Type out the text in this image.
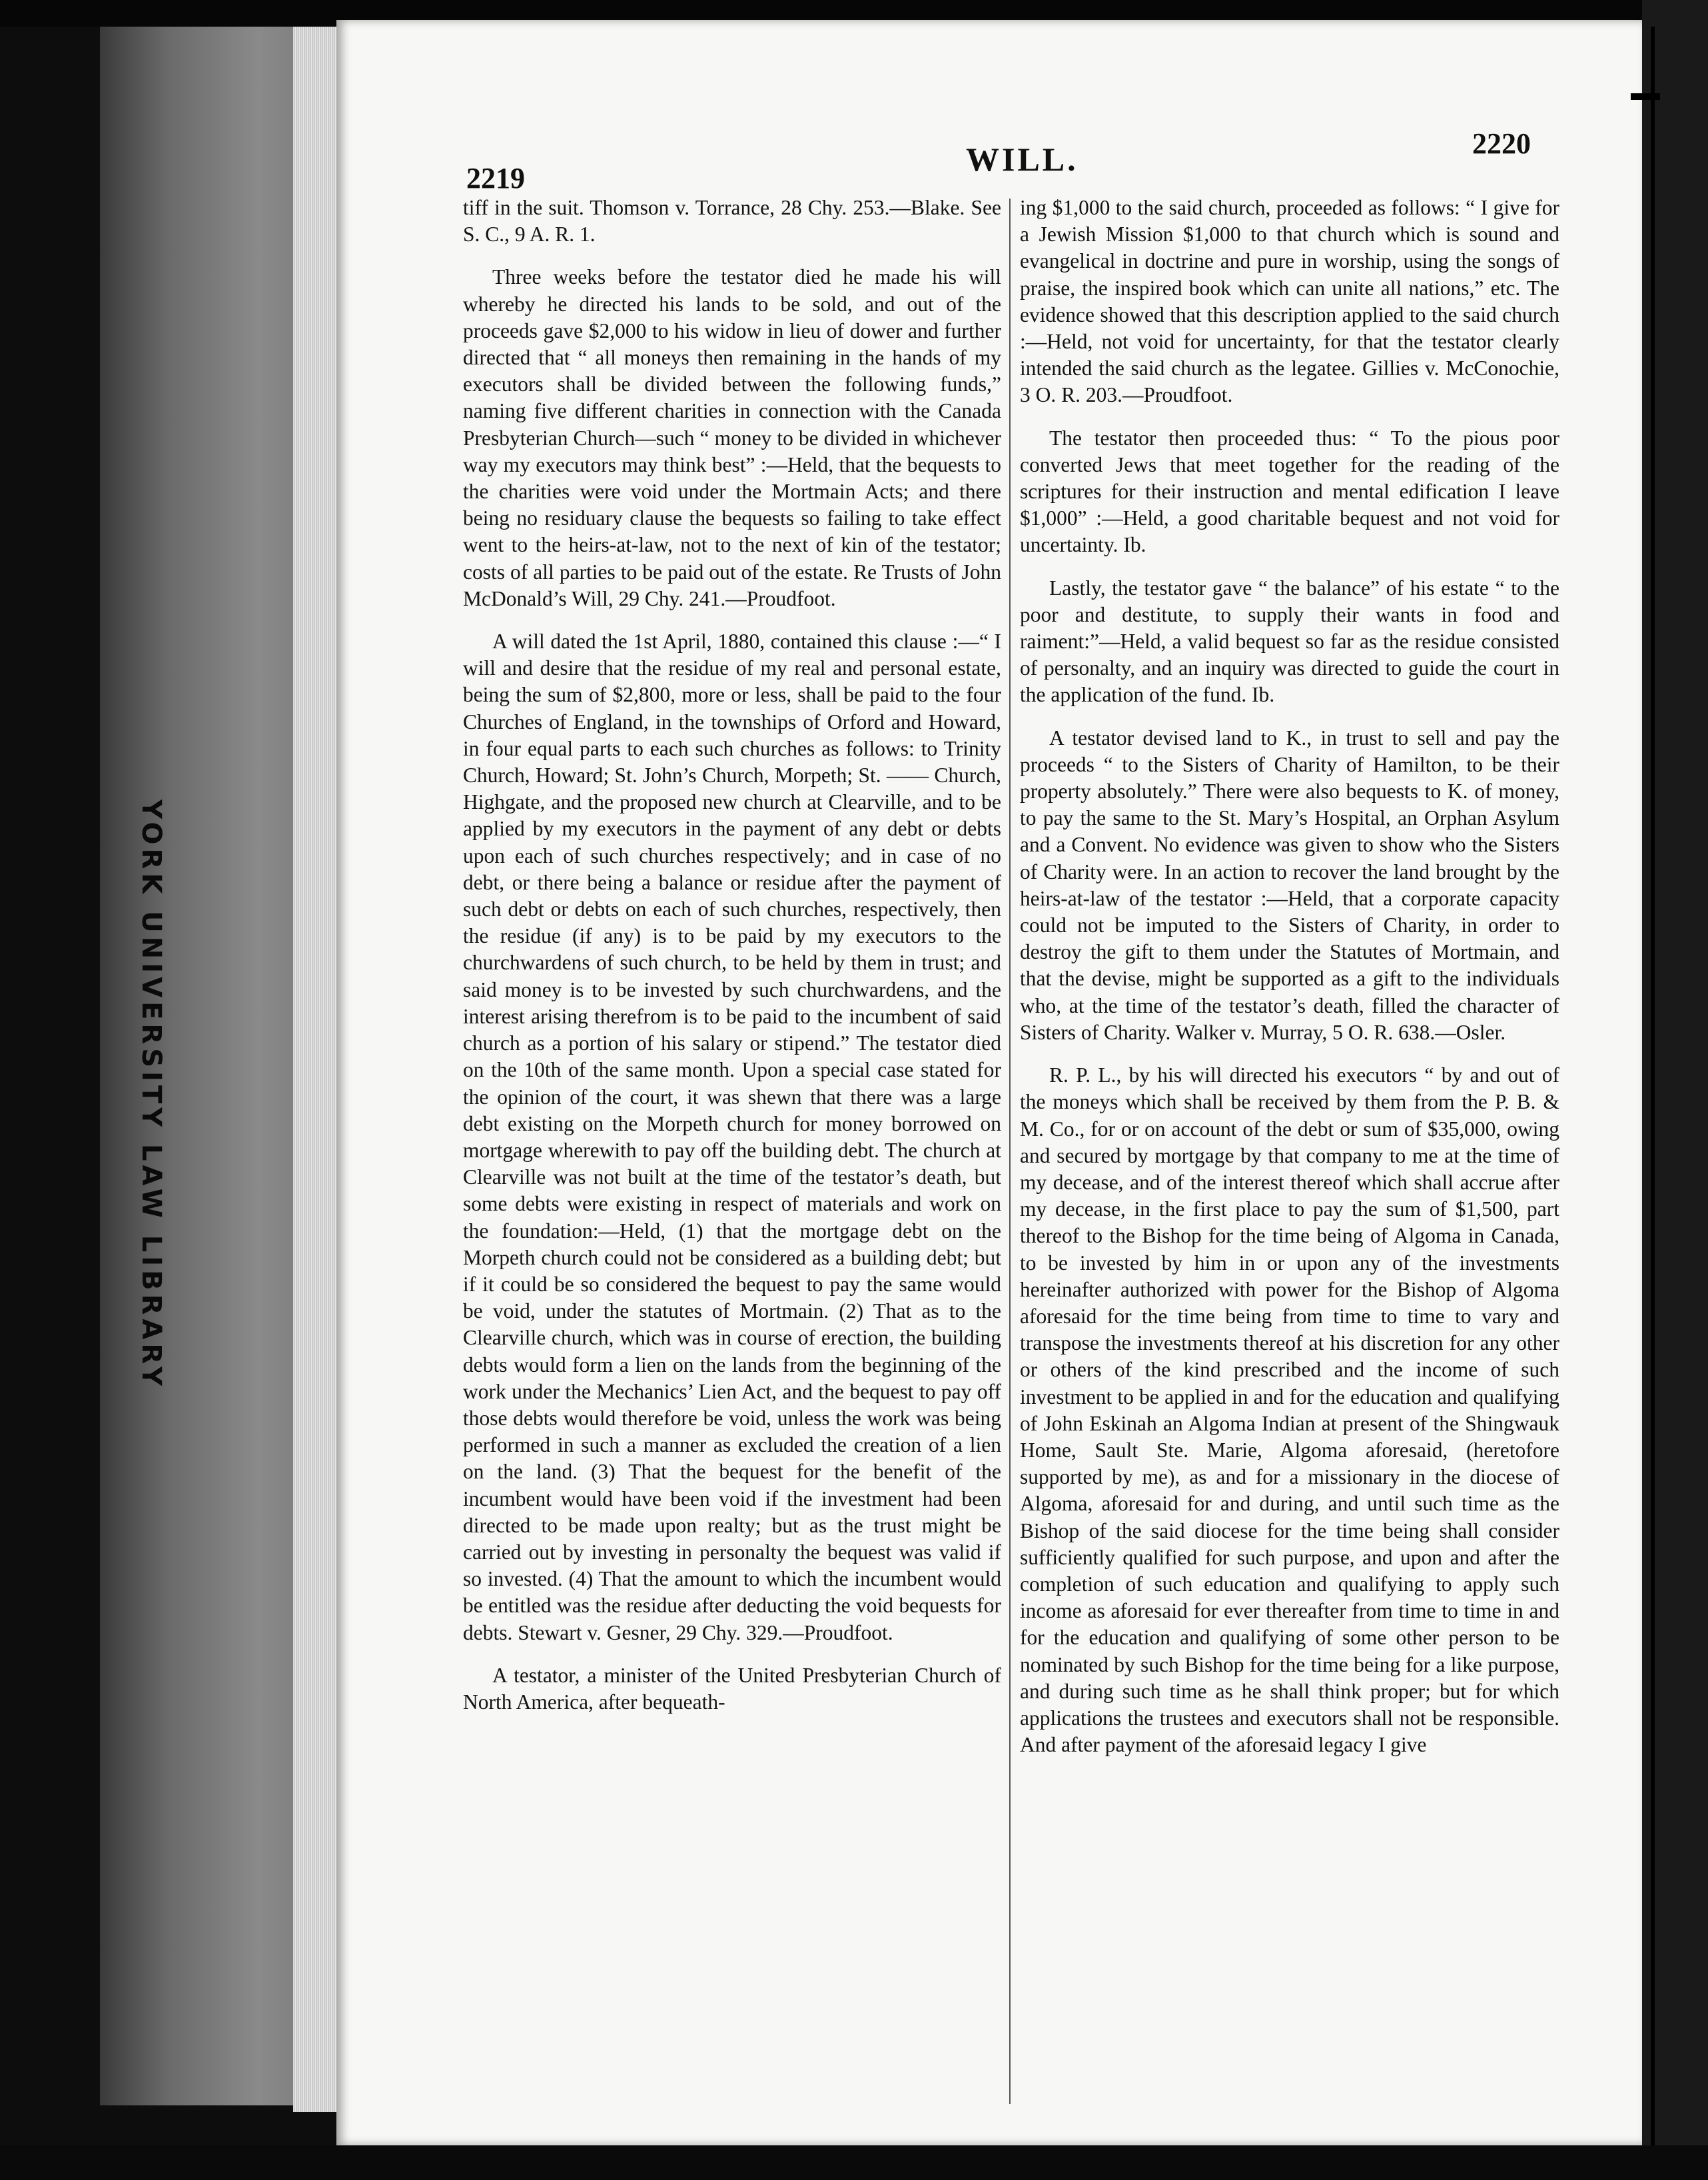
YORK UNIVERSITY LAW LIBRARY
2219
WILL.	2220

tiff in the suit. Thomson v. Torrance, 28 Chy. 253.—Blake. See S. C., 9 A. R. 1.

Three weeks before the testator died he made his will whereby he directed his lands to be sold, and out of the proceeds gave $2,000 to his widow in lieu of dower and further directed that “ all moneys then remaining in the hands of my executors shall be divided between the following funds,” naming five different charities in connection with the Canada Presbyterian Church—such “ money to be divided in whichever way my executors may think best” :—Held, that the bequests to the charities were void under the Mortmain Acts; and there being no residuary clause the bequests so failing to take effect went to the heirs-at-law, not to the next of kin of the testator; costs of all parties to be paid out of the estate. Re Trusts of John McDonald’s Will, 29 Chy. 241.—Proudfoot.

A will dated the 1st April, 1880, contained this clause :—“ I will and desire that the residue of my real and personal estate, being the sum of $2,800, more or less, shall be paid to the four Churches of England, in the townships of Orford and Howard, in four equal parts to each such churches as follows: to Trinity Church, Howard; St. John’s Church, Morpeth; St. —— Church, Highgate, and the proposed new church at Clearville, and to be applied by my executors in the payment of any debt or debts upon each of such churches respectively; and in case of no debt, or there being a balance or residue after the payment of such debt or debts on each of such churches, respectively, then the residue (if any) is to be paid by my executors to the churchwardens of such church, to be held by them in trust; and said money is to be invested by such churchwardens, and the interest arising therefrom is to be paid to the incumbent of said church as a portion of his salary or stipend.” The testator died on the 10th of the same month. Upon a special case stated for the opinion of the court, it was shewn that there was a large debt existing on the Morpeth church for money borrowed on mortgage wherewith to pay off the building debt. The church at Clearville was not built at the time of the testator’s death, but some debts were existing in respect of materials and work on the foundation:—Held, (1) that the mortgage debt on the Morpeth church could not be considered as a building debt; but if it could be so considered the bequest to pay the same would be void, under the statutes of Mortmain. (2) That as to the Clearville church, which was in course of erection, the building debts would form a lien on the lands from the beginning of the work under the Mechanics’ Lien Act, and the bequest to pay off those debts would therefore be void, unless the work was being performed in such a manner as excluded the creation of a lien on the land. (3) That the bequest for the benefit of the incumbent would have been void if the investment had been directed to be made upon realty; but as the trust might be carried out by investing in personalty the bequest was valid if so invested. (4) That the amount to which the incumbent would be entitled was the residue after deducting the void bequests for debts. Stewart v. Gesner, 29 Chy. 329.—Proudfoot.

A testator, a minister of the United Presbyterian Church of North America, after bequeath-

ing $1,000 to the said church, proceeded as follows: “ I give for a Jewish Mission $1,000 to that church which is sound and evangelical in doctrine and pure in worship, using the songs of praise, the inspired book which can unite all nations,” etc. The evidence showed that this description applied to the said church :—Held, not void for uncertainty, for that the testator clearly intended the said church as the legatee. Gillies v. McConochie, 3 O. R. 203.—Proudfoot.

The testator then proceeded thus: “ To the pious poor converted Jews that meet together for the reading of the scriptures for their instruction and mental edification I leave $1,000” :—Held, a good charitable bequest and not void for uncertainty. Ib.

Lastly, the testator gave “ the balance” of his estate “ to the poor and destitute, to supply their wants in food and raiment:”—Held, a valid bequest so far as the residue consisted of personalty, and an inquiry was directed to guide the court in the application of the fund. Ib.

A testator devised land to K., in trust to sell and pay the proceeds “ to the Sisters of Charity of Hamilton, to be their property absolutely.” There were also bequests to K. of money, to pay the same to the St. Mary’s Hospital, an Orphan Asylum and a Convent. No evidence was given to show who the Sisters of Charity were. In an action to recover the land brought by the heirs-at-law of the testator :—Held, that a corporate capacity could not be imputed to the Sisters of Charity, in order to destroy the gift to them under the Statutes of Mortmain, and that the devise, might be supported as a gift to the individuals who, at the time of the testator’s death, filled the character of Sisters of Charity. Walker v. Murray, 5 O. R. 638.—Osler.

R. P. L., by his will directed his executors “ by and out of the moneys which shall be received by them from the P. B. & M. Co., for or on account of the debt or sum of $35,000, owing and secured by mortgage by that company to me at the time of my decease, and of the interest thereof which shall accrue after my decease, in the first place to pay the sum of $1,500, part thereof to the Bishop for the time being of Algoma in Canada, to be invested by him in or upon any of the investments hereinafter authorized with power for the Bishop of Algoma aforesaid for the time being from time to time to vary and transpose the investments thereof at his discretion for any other or others of the kind prescribed and the income of such investment to be applied in and for the education and qualifying of John Eskinah an Algoma Indian at present of the Shingwauk Home, Sault Ste. Marie, Algoma aforesaid, (heretofore supported by me), as and for a missionary in the diocese of Algoma, aforesaid for and during, and until such time as the Bishop of the said diocese for the time being shall consider sufficiently qualified for such purpose, and upon and after the completion of such education and qualifying to apply such income as aforesaid for ever thereafter from time to time in and for the education and qualifying of some other person to be nominated by such Bishop for the time being for a like purpose, and during such time as he shall think proper; but for which applications the trustees and executors shall not be responsible. And after payment of the aforesaid legacy I give
